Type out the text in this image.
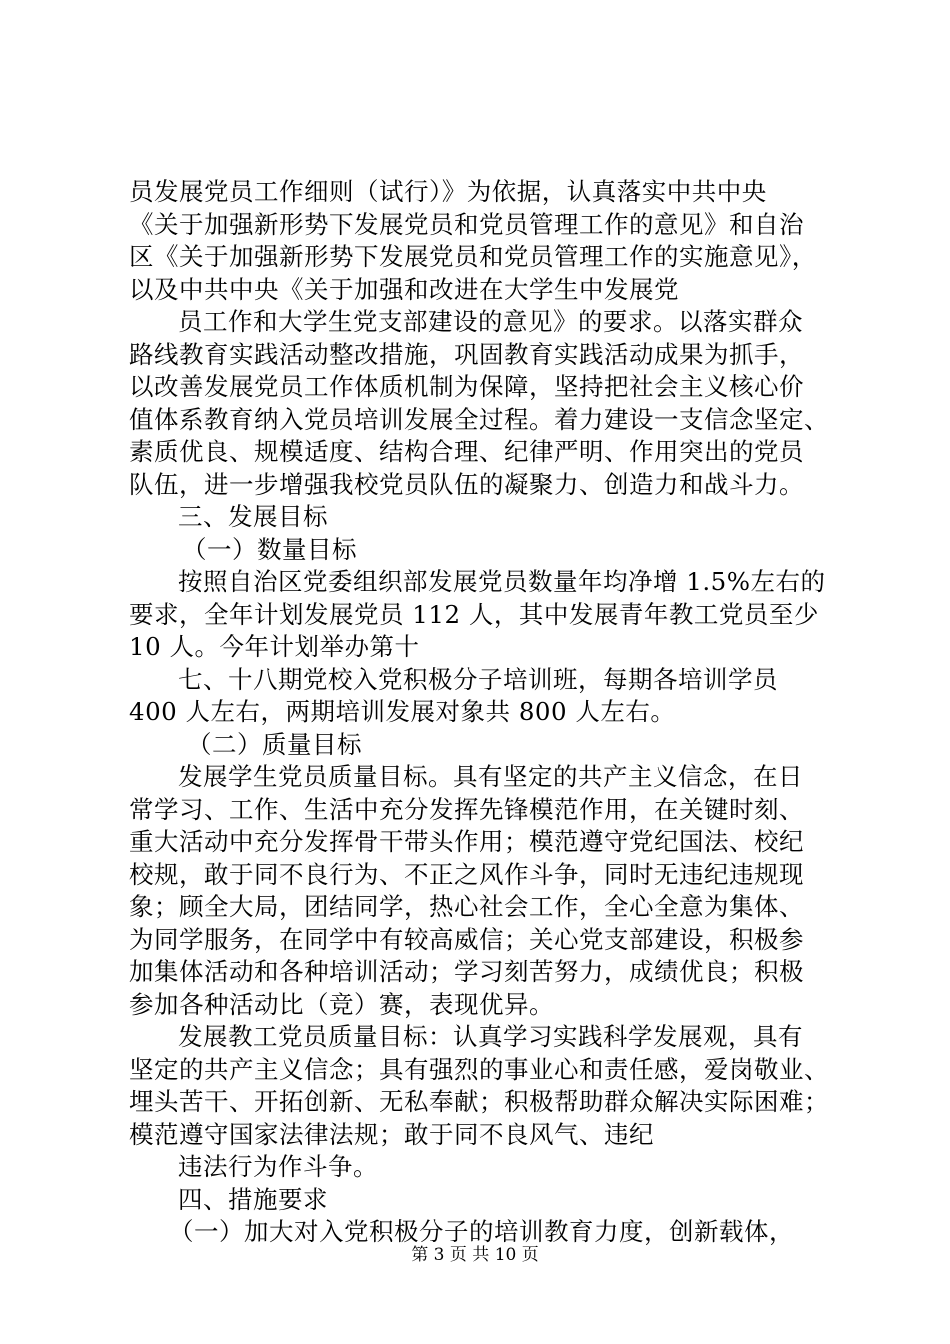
员发展党员工作细则（试行）》为依据，认真落实中共中央
《关于加强新形势下发展党员和党员管理工作的意见》和自治
区《关于加强新形势下发展党员和党员管理工作的实施意见》，
以及中共中央《关于加强和改进在大学生中发展党
员工作和大学生党支部建设的意见》的要求。以落实群众
路线教育实践活动整改措施，巩固教育实践活动成果为抓手，
以改善发展党员工作体质机制为保障，坚持把社会主义核心价
值体系教育纳入党员培训发展全过程。着力建设一支信念坚定、
素质优良、规模适度、结构合理、纪律严明、作用突出的党员
队伍，进一步增强我校党员队伍的凝聚力、创造力和战斗力。
三、发展目标
（一）数量目标
按照自治区党委组织部发展党员数量年均净增 1.5%左右的
要求，全年计划发展党员 112 人，其中发展青年教工党员至少
10 人。今年计划举办第十
七、十八期党校入党积极分子培训班，每期各培训学员
400 人左右，两期培训发展对象共 800 人左右。
（二）质量目标
发展学生党员质量目标。具有坚定的共产主义信念，在日
常学习、工作、生活中充分发挥先锋模范作用，在关键时刻、
重大活动中充分发挥骨干带头作用；模范遵守党纪国法、校纪
校规，敢于同不良行为、不正之风作斗争，同时无违纪违规现
象；顾全大局，团结同学，热心社会工作，全心全意为集体、
为同学服务，在同学中有较高威信；关心党支部建设，积极参
加集体活动和各种培训活动；学习刻苦努力，成绩优良；积极
参加各种活动比（竞）赛，表现优异。
发展教工党员质量目标：认真学习实践科学发展观，具有
坚定的共产主义信念；具有强烈的事业心和责任感，爱岗敬业、
埋头苦干、开拓创新、无私奉献；积极帮助群众解决实际困难；
模范遵守国家法律法规；敢于同不良风气、违纪
违法行为作斗争。
四、措施要求
（一）加大对入党积极分子的培训教育力度，创新载体，
第 3 页 共 10 页
